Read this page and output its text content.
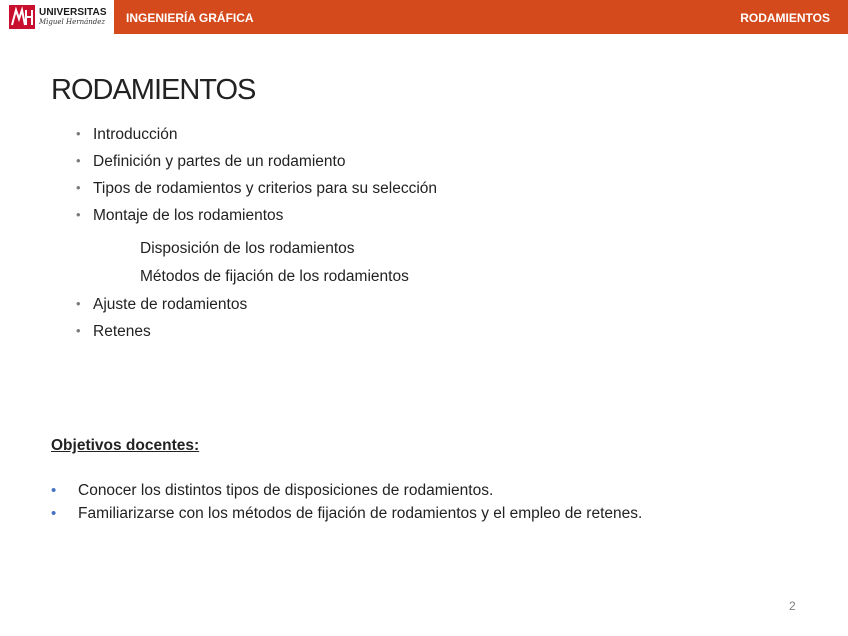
UNIVERSITAS
Miguel Hernández INGENIERÍA GRÁFICA	RODAMIENTOS
RODAMIENTOS
• Introducción
• Definición y partes de un rodamiento
• Tipos de rodamientos y criterios para su selección
• Montaje de los rodamientos
Disposición de los rodamientos
Métodos de fijación de los rodamientos
• Ajuste de rodamientos
• Retenes
Objetivos docentes:
• Conocer los distintos tipos de disposiciones de rodamientos.
• Familiarizarse con los métodos de fijación de rodamientos y el empleo de retenes.
2
